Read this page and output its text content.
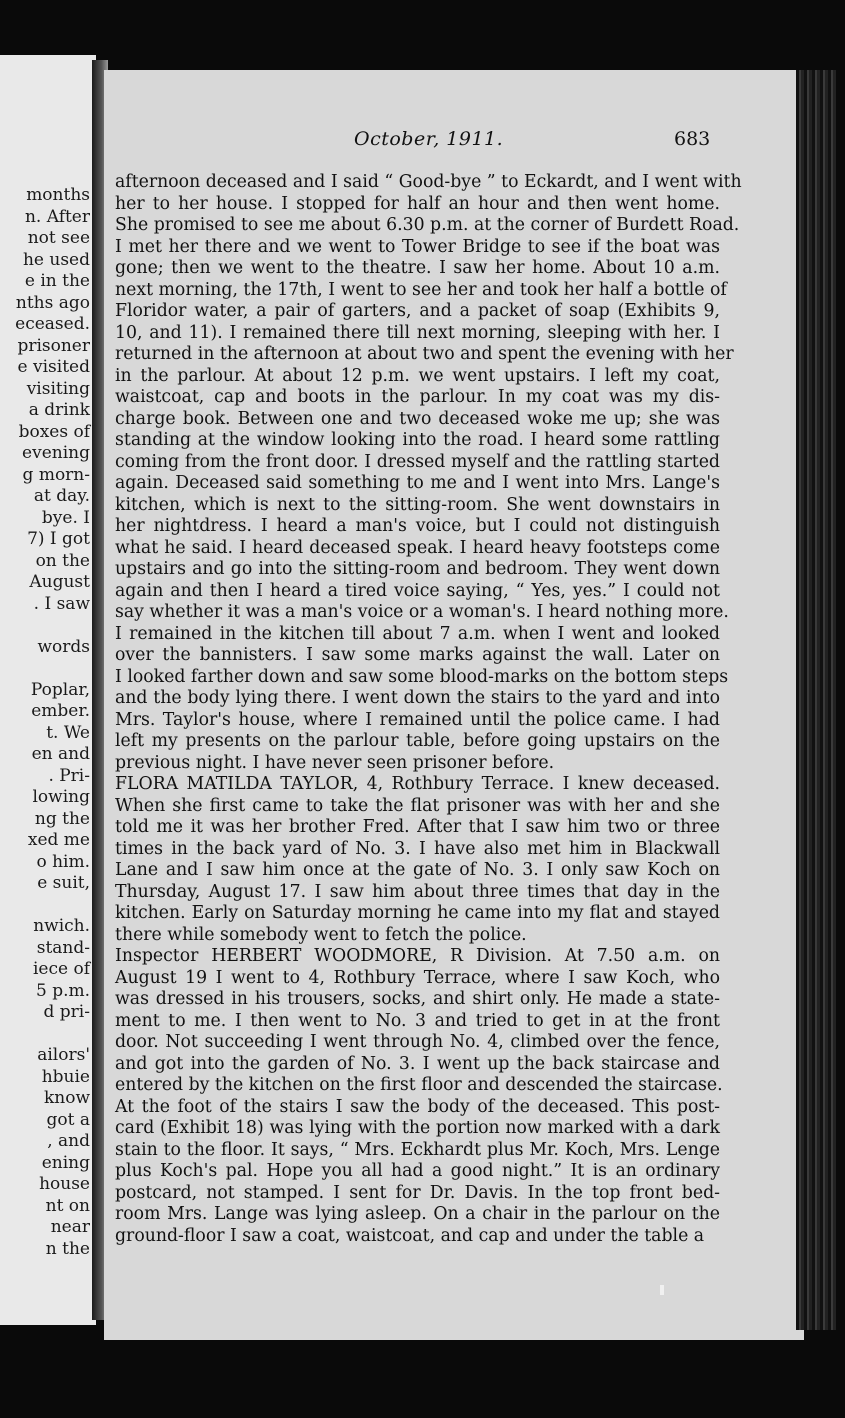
months
n. After
not see
he used
e in the
nths ago
eceased.
prisoner
e visited
visiting
a drink
boxes of
evening
g morn-
at day.
bye. I
7) I got
on the
August
. I saw
words
Poplar,
ember.
t. We
en and
. Pri-
lowing
ng the
xed me
o him.
e suit,
nwich.
stand-
iece of
5 p.m.
d pri-
ailors'
hbuie
know
got a
, and
ening
house
nt on
near
n the
October, 1911.	683
afternoon deceased and I said “ Good-bye ” to Eckardt, and I went with
her to her house. I stopped for half an hour and then went home.
She promised to see me about 6.30 p.m. at the corner of Burdett Road.
I met her there and we went to Tower Bridge to see if the boat was
gone; then we went to the theatre. I saw her home. About 10 a.m.
next morning, the 17th, I went to see her and took her half a bottle of
Floridor water, a pair of garters, and a packet of soap (Exhibits 9,
10, and 11). I remained there till next morning, sleeping with her. I
returned in the afternoon at about two and spent the evening with her
in the parlour. At about 12 p.m. we went upstairs. I left my coat,
waistcoat, cap and boots in the parlour. In my coat was my dis-
charge book. Between one and two deceased woke me up; she was
standing at the window looking into the road. I heard some rattling
coming from the front door. I dressed myself and the rattling started
again. Deceased said something to me and I went into Mrs. Lange's
kitchen, which is next to the sitting-room. She went downstairs in
her nightdress. I heard a man's voice, but I could not distinguish
what he said. I heard deceased speak. I heard heavy footsteps come
upstairs and go into the sitting-room and bedroom. They went down
again and then I heard a tired voice saying, “ Yes, yes.” I could not
say whether it was a man's voice or a woman's. I heard nothing more.
I remained in the kitchen till about 7 a.m. when I went and looked
over the bannisters. I saw some marks against the wall. Later on
I looked farther down and saw some blood-marks on the bottom steps
and the body lying there. I went down the stairs to the yard and into
Mrs. Taylor's house, where I remained until the police came. I had
left my presents on the parlour table, before going upstairs on the
previous night. I have never seen prisoner before.
FLORA MATILDA TAYLOR, 4, Rothbury Terrace. I knew deceased.
When she first came to take the flat prisoner was with her and she
told me it was her brother Fred. After that I saw him two or three
times in the back yard of No. 3. I have also met him in Blackwall
Lane and I saw him once at the gate of No. 3. I only saw Koch on
Thursday, August 17. I saw him about three times that day in the
kitchen. Early on Saturday morning he came into my flat and stayed
there while somebody went to fetch the police.
Inspector HERBERT WOODMORE, R Division. At 7.50 a.m. on
August 19 I went to 4, Rothbury Terrace, where I saw Koch, who
was dressed in his trousers, socks, and shirt only. He made a state-
ment to me. I then went to No. 3 and tried to get in at the front
door. Not succeeding I went through No. 4, climbed over the fence,
and got into the garden of No. 3. I went up the back staircase and
entered by the kitchen on the first floor and descended the staircase.
At the foot of the stairs I saw the body of the deceased. This post-
card (Exhibit 18) was lying with the portion now marked with a dark
stain to the floor. It says, “ Mrs. Eckhardt plus Mr. Koch, Mrs. Lenge
plus Koch's pal. Hope you all had a good night.” It is an ordinary
postcard, not stamped. I sent for Dr. Davis. In the top front bed-
room Mrs. Lange was lying asleep. On a chair in the parlour on the
ground-floor I saw a coat, waistcoat, and cap and under the table a
